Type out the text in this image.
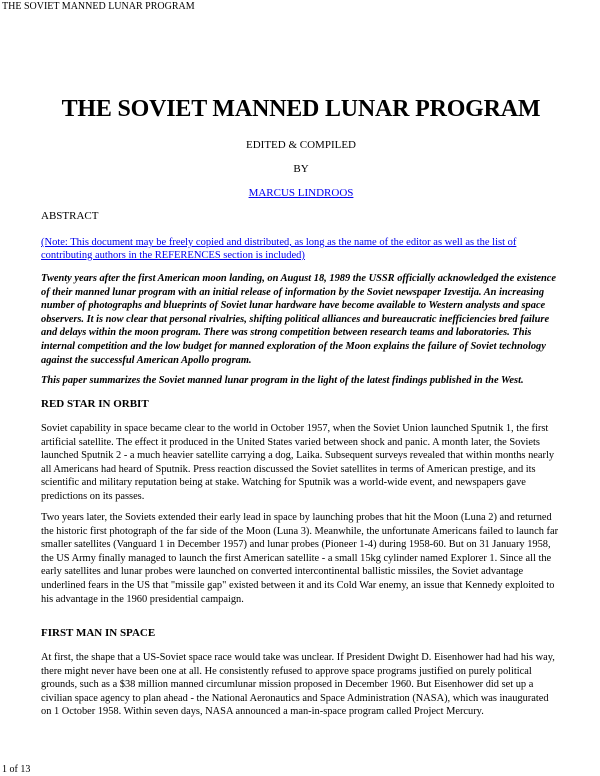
THE SOVIET MANNED LUNAR PROGRAM
THE SOVIET MANNED LUNAR PROGRAM
EDITED & COMPILED
BY
MARCUS LINDROOS
ABSTRACT
(Note: This document may be freely copied and distributed, as long as the name of the editor as well as the list of contributing authors in the REFERENCES section is included)
Twenty years after the first American moon landing, on August 18, 1989 the USSR officially acknowledged the existence of their manned lunar program with an initial release of information by the Soviet newspaper Izvestija. An increasing number of photographs and blueprints of Soviet lunar hardware have become available to Western analysts and space observers. It is now clear that personal rivalries, shifting political alliances and bureaucratic inefficiencies bred failure and delays within the moon program. There was strong competition between research teams and laboratories. This internal competition and the low budget for manned exploration of the Moon explains the failure of Soviet technology against the successful American Apollo program.
This paper summarizes the Soviet manned lunar program in the light of the latest findings published in the West.
RED STAR IN ORBIT
Soviet capability in space became clear to the world in October 1957, when the Soviet Union launched Sputnik 1, the first artificial satellite. The effect it produced in the United States varied between shock and panic. A month later, the Soviets launched Sputnik 2 - a much heavier satellite carrying a dog, Laika. Subsequent surveys revealed that within months nearly all Americans had heard of Sputnik. Press reaction discussed the Soviet satellites in terms of American prestige, and its scientific and military reputation being at stake. Watching for Sputnik was a world-wide event, and newspapers gave predictions on its passes.
Two years later, the Soviets extended their early lead in space by launching probes that hit the Moon (Luna 2) and returned the historic first photograph of the far side of the Moon (Luna 3). Meanwhile, the unfortunate Americans failed to launch far smaller satellites (Vanguard 1 in December 1957) and lunar probes (Pioneer 1-4) during 1958-60. But on 31 January 1958, the US Army finally managed to launch the first American satellite - a small 15kg cylinder named Explorer 1. Since all the early satellites and lunar probes were launched on converted intercontinental ballistic missiles, the Soviet advantage underlined fears in the US that "missile gap" existed between it and its Cold War enemy, an issue that Kennedy exploited to his advantage in the 1960 presidential campaign.
FIRST MAN IN SPACE
At first, the shape that a US-Soviet space race would take was unclear. If President Dwight D. Eisenhower had had his way, there might never have been one at all. He consistently refused to approve space programs justified on purely political grounds, such as a $38 million manned circumlunar mission proposed in December 1960. But Eisenhower did set up a civilian space agency to plan ahead - the National Aeronautics and Space Administration (NASA), which was inaugurated on 1 October 1958. Within seven days, NASA announced a man-in-space program called Project Mercury.
1 of 13
